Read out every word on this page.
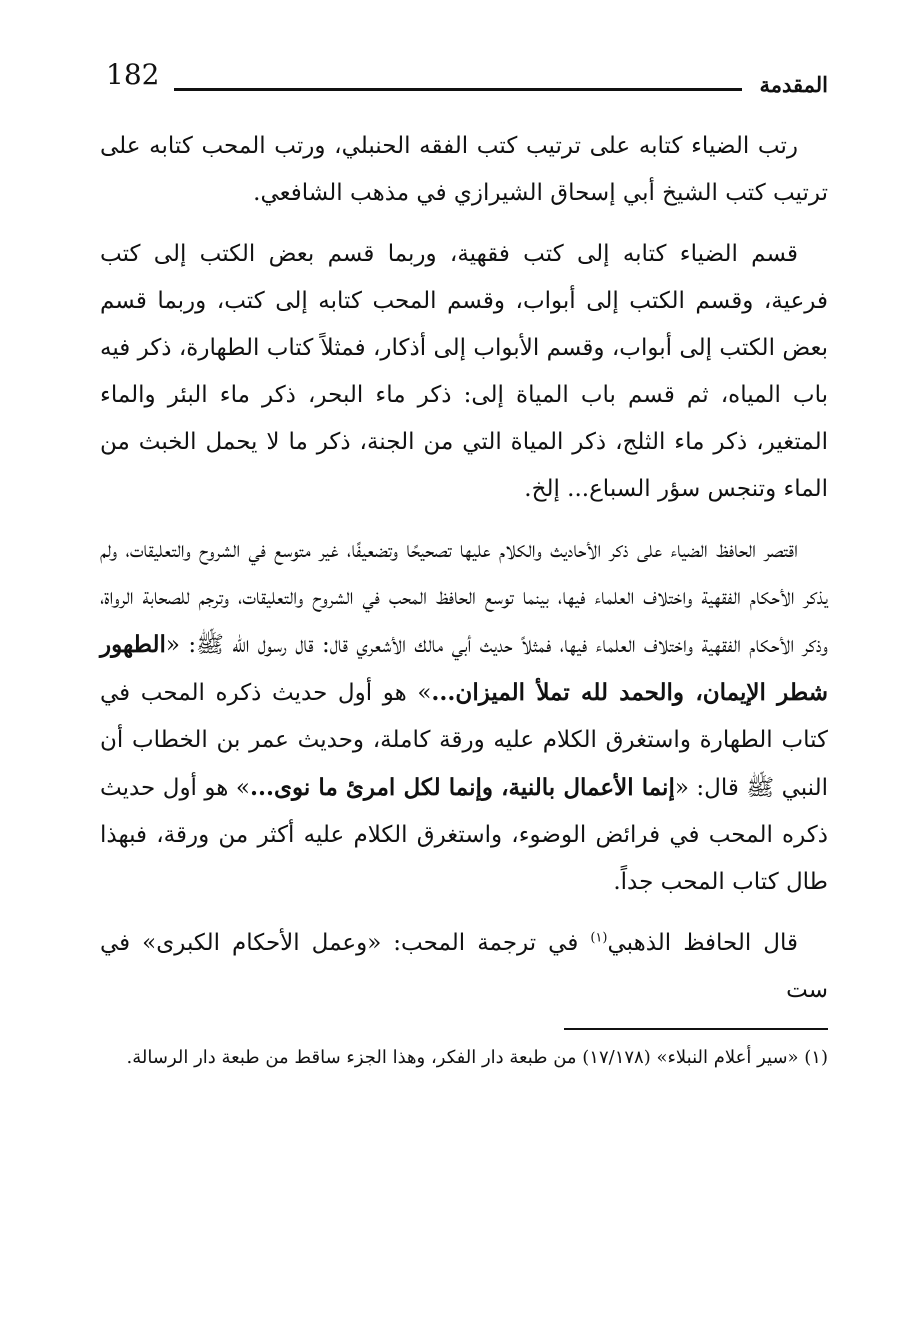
المقدمة
182

رتب الضياء كتابه على ترتيب كتب الفقه الحنبلي، ورتب المحب كتابه على ترتيب كتب الشيخ أبي إسحاق الشيرازي في مذهب الشافعي.

قسم الضياء كتابه إلى كتب فقهية، وربما قسم بعض الكتب إلى كتب فرعية، وقسم الكتب إلى أبواب، وقسم المحب كتابه إلى كتب، وربما قسم بعض الكتب إلى أبواب، وقسم الأبواب إلى أذكار، فمثلاً كتاب الطهارة، ذكر فيه باب المياه، ثم قسم باب المياة إلى: ذكر ماء البحر، ذكر ماء البئر والماء المتغير، ذكر ماء الثلج، ذكر المياة التي من الجنة، ذكر ما لا يحمل الخبث من الماء وتنجس سؤر السباع... إلخ.

اقتصر الحافظ الضياء على ذكر الأحاديث والكلام عليها تصحيحًا وتضعيفًا، غير متوسع في الشروح والتعليقات، ولم يذكر الأحكام الفقهية واختلاف العلماء فيها، بينما توسع الحافظ المحب في الشروح والتعليقات، وترجم للصحابة الرواة، وذكر الأحكام الفقهية واختلاف العلماء فيها، فمثلاً حديث أبي مالك الأشعري قال: قال رسول الله ﷺ: «الطهور شطر الإيمان، والحمد لله تملأ الميزان...» هو أول حديث ذكره المحب في كتاب الطهارة واستغرق الكلام عليه ورقة كاملة، وحديث عمر بن الخطاب أن النبي ﷺ قال: «إنما الأعمال بالنية، وإنما لكل امرئ ما نوى...» هو أول حديث ذكره المحب في فرائض الوضوء، واستغرق الكلام عليه أكثر من ورقة، فبهذا طال كتاب المحب جداً.

قال الحافظ الذهبي$^{(١)}$ في ترجمة المحب: «وعمل الأحكام الكبرى» في ست

(١) «سير أعلام النبلاء» (١٧/١٧٨) من طبعة دار الفكر، وهذا الجزء ساقط من طبعة دار الرسالة.
